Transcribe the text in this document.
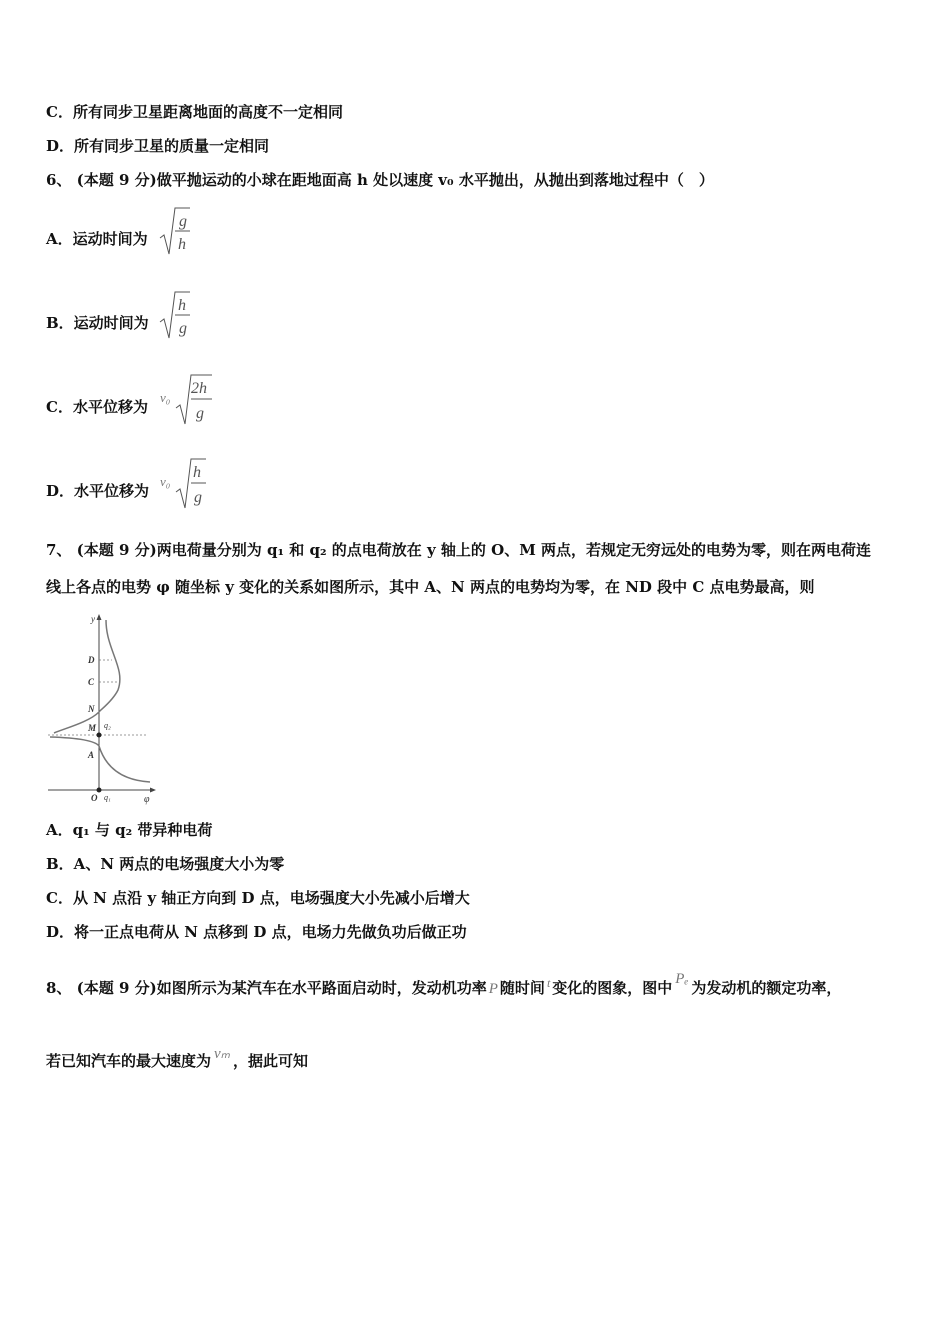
C．所有同步卫星距离地面的高度不一定相同
D．所有同步卫星的质量一定相同
6、 (本题 9 分)做平抛运动的小球在距地面高 h 处以速度 v₀ 水平抛出，从抛出到落地过程中（　）
A．运动时间为
g
h
B．运动时间为
h
g
C．水平位移为
v₀
2h
g
D．水平位移为
v₀
h
g
7、 (本题 9 分)两电荷量分别为 q₁ 和 q₂ 的点电荷放在 y 轴上的 O、M 两点，若规定无穷远处的电势为零，则在两电荷连
线上各点的电势 φ 随坐标 y 变化的关系如图所示，其中 A、N 两点的电势均为零，在 ND 段中 C 点电势最高，则
y
φ
O q₁
q₂
D
C
N
M
A
A．q₁ 与 q₂ 带异种电荷
B．A、N 两点的电场强度大小为零
C．从 N 点沿 y 轴正方向到 D 点，电场强度大小先减小后增大
D．将一正点电荷从 N 点移到 D 点，电场力先做负功后做正功
8、 (本题 9 分)如图所示为某汽车在水平路面启动时，发动机功率 P 随时间 $^t$ 变化的图象，图中 Pₑ 为发动机的额定功率，
若已知汽车的最大速度为 vₘ ，据此可知
